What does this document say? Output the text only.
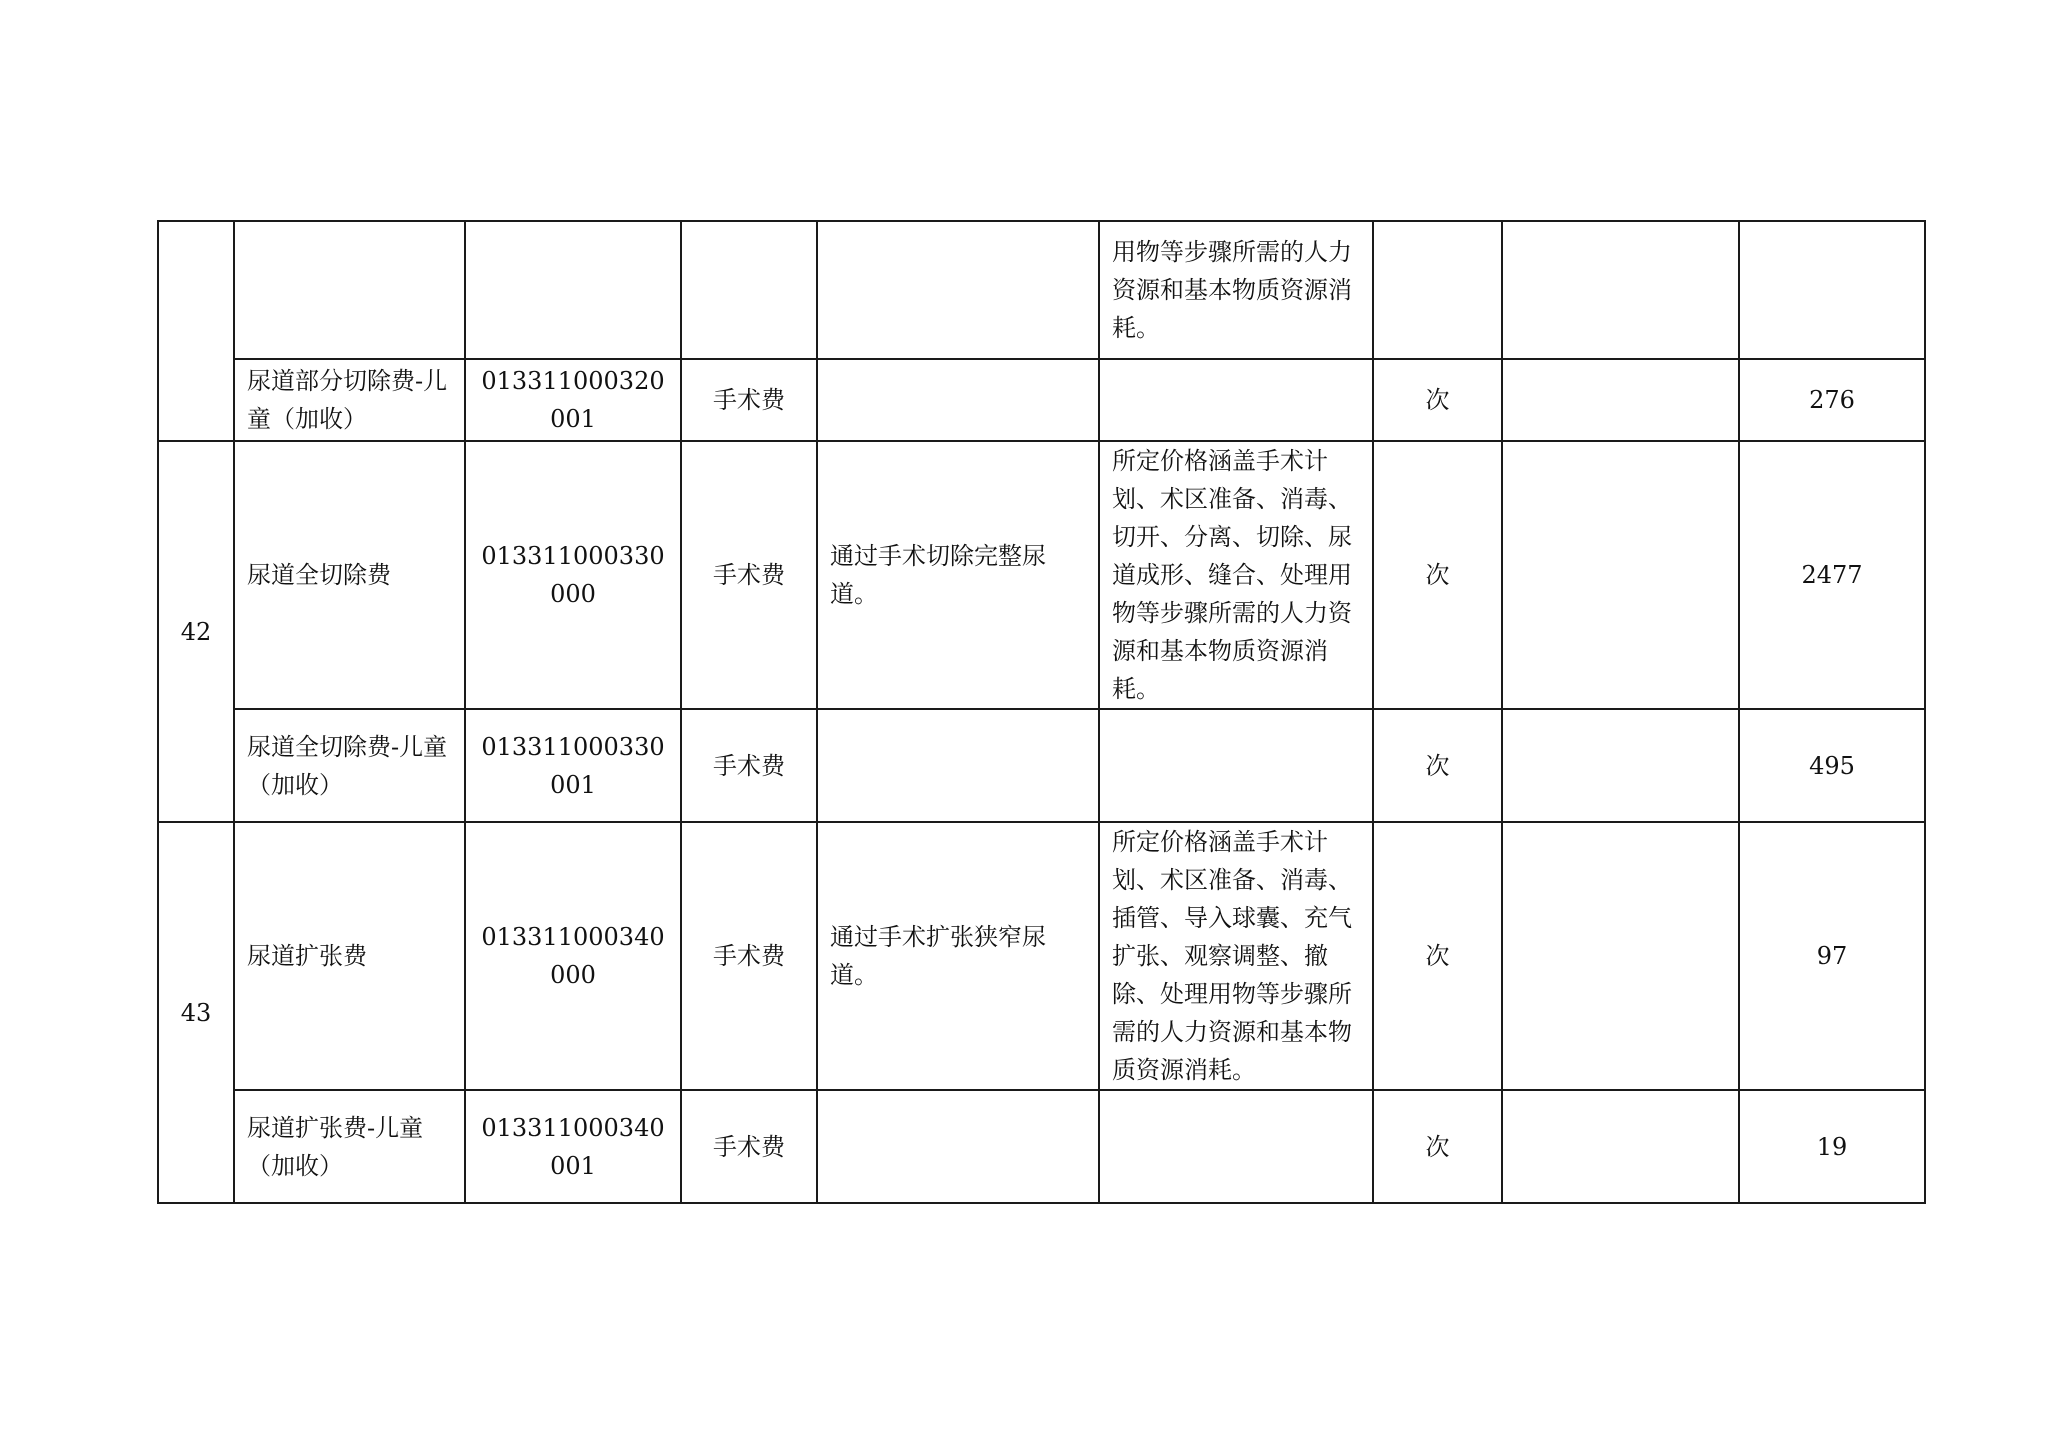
					用物等步骤所需的人力资源和基本物质资源消耗。			
	尿道部分切除费-儿童（加收）	013311000320001	手术费			次		276
42	尿道全切除费	013311000330000	手术费	通过手术切除完整尿道。	所定价格涵盖手术计划、术区准备、消毒、切开、分离、切除、尿道成形、缝合、处理用物等步骤所需的人力资源和基本物质资源消耗。	次		2477
	尿道全切除费-儿童（加收）	013311000330001	手术费			次		495
43	尿道扩张费	013311000340000	手术费	通过手术扩张狭窄尿道。	所定价格涵盖手术计划、术区准备、消毒、插管、导入球囊、充气扩张、观察调整、撤除、处理用物等步骤所需的人力资源和基本物质资源消耗。	次		97
	尿道扩张费-儿童（加收）	013311000340001	手术费			次		19
